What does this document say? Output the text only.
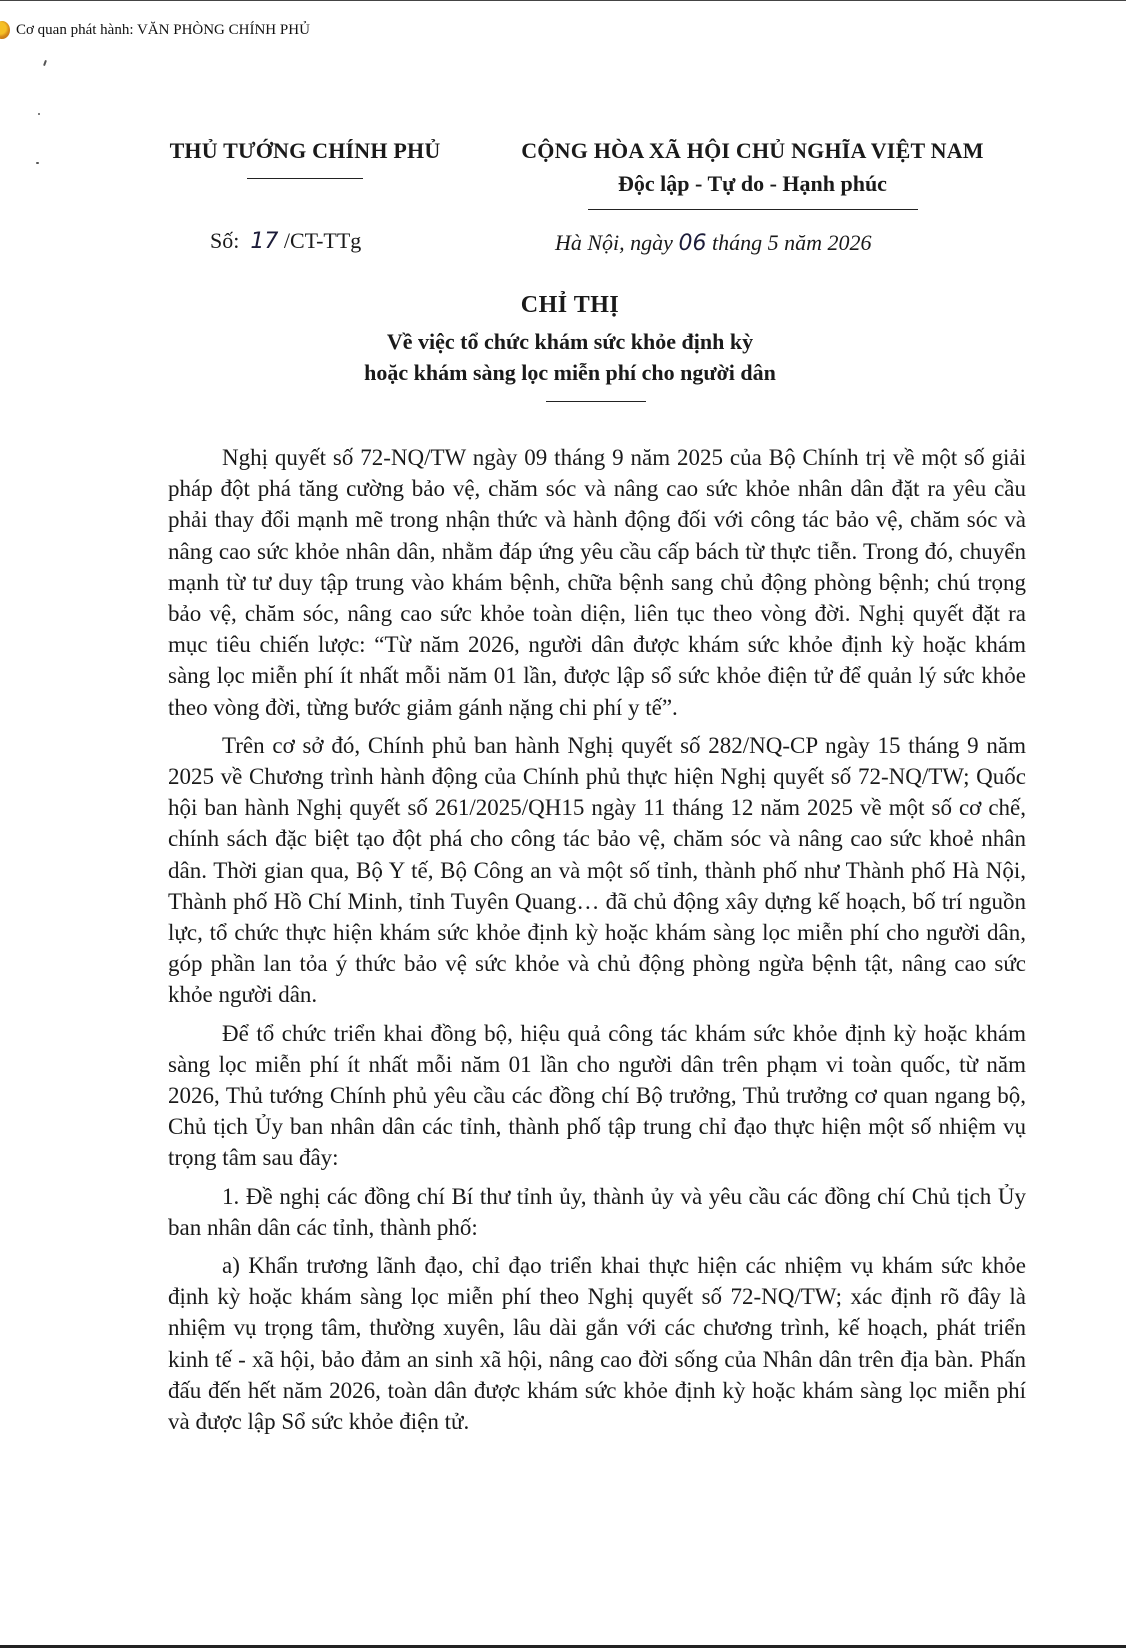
Cơ quan phát hành: VĂN PHÒNG CHÍNH PHỦ
THỦ TƯỚNG CHÍNH PHỦ	CỘNG HÒA XÃ HỘI CHỦ NGHĨA VIỆT NAM
Độc lập - Tự do - Hạnh phúc
Số: 17 /CT-TTg	Hà Nội, ngày 06 tháng 5 năm 2026
CHỈ THỊ
Về việc tổ chức khám sức khỏe định kỳ
hoặc khám sàng lọc miễn phí cho người dân

Nghị quyết số 72-NQ/TW ngày 09 tháng 9 năm 2025 của Bộ Chính trị về một số giải pháp đột phá tăng cường bảo vệ, chăm sóc và nâng cao sức khỏe nhân dân đặt ra yêu cầu phải thay đổi mạnh mẽ trong nhận thức và hành động đối với công tác bảo vệ, chăm sóc và nâng cao sức khỏe nhân dân, nhằm đáp ứng yêu cầu cấp bách từ thực tiễn. Trong đó, chuyển mạnh từ tư duy tập trung vào khám bệnh, chữa bệnh sang chủ động phòng bệnh; chú trọng bảo vệ, chăm sóc, nâng cao sức khỏe toàn diện, liên tục theo vòng đời. Nghị quyết đặt ra mục tiêu chiến lược: “Từ năm 2026, người dân được khám sức khỏe định kỳ hoặc khám sàng lọc miễn phí ít nhất mỗi năm 01 lần, được lập sổ sức khỏe điện tử để quản lý sức khỏe theo vòng đời, từng bước giảm gánh nặng chi phí y tế”.

Trên cơ sở đó, Chính phủ ban hành Nghị quyết số 282/NQ-CP ngày 15 tháng 9 năm 2025 về Chương trình hành động của Chính phủ thực hiện Nghị quyết số 72-NQ/TW; Quốc hội ban hành Nghị quyết số 261/2025/QH15 ngày 11 tháng 12 năm 2025 về một số cơ chế, chính sách đặc biệt tạo đột phá cho công tác bảo vệ, chăm sóc và nâng cao sức khoẻ nhân dân. Thời gian qua, Bộ Y tế, Bộ Công an và một số tỉnh, thành phố như Thành phố Hà Nội, Thành phố Hồ Chí Minh, tỉnh Tuyên Quang… đã chủ động xây dựng kế hoạch, bố trí nguồn lực, tổ chức thực hiện khám sức khỏe định kỳ hoặc khám sàng lọc miễn phí cho người dân, góp phần lan tỏa ý thức bảo vệ sức khỏe và chủ động phòng ngừa bệnh tật, nâng cao sức khỏe người dân.

Để tổ chức triển khai đồng bộ, hiệu quả công tác khám sức khỏe định kỳ hoặc khám sàng lọc miễn phí ít nhất mỗi năm 01 lần cho người dân trên phạm vi toàn quốc, từ năm 2026, Thủ tướng Chính phủ yêu cầu các đồng chí Bộ trưởng, Thủ trưởng cơ quan ngang bộ, Chủ tịch Ủy ban nhân dân các tỉnh, thành phố tập trung chỉ đạo thực hiện một số nhiệm vụ trọng tâm sau đây:

1. Đề nghị các đồng chí Bí thư tỉnh ủy, thành ủy và yêu cầu các đồng chí Chủ tịch Ủy ban nhân dân các tỉnh, thành phố:

a) Khẩn trương lãnh đạo, chỉ đạo triển khai thực hiện các nhiệm vụ khám sức khỏe định kỳ hoặc khám sàng lọc miễn phí theo Nghị quyết số 72-NQ/TW; xác định rõ đây là nhiệm vụ trọng tâm, thường xuyên, lâu dài gắn với các chương trình, kế hoạch, phát triển kinh tế - xã hội, bảo đảm an sinh xã hội, nâng cao đời sống của Nhân dân trên địa bàn. Phấn đấu đến hết năm 2026, toàn dân được khám sức khỏe định kỳ hoặc khám sàng lọc miễn phí và được lập Sổ sức khỏe điện tử.
